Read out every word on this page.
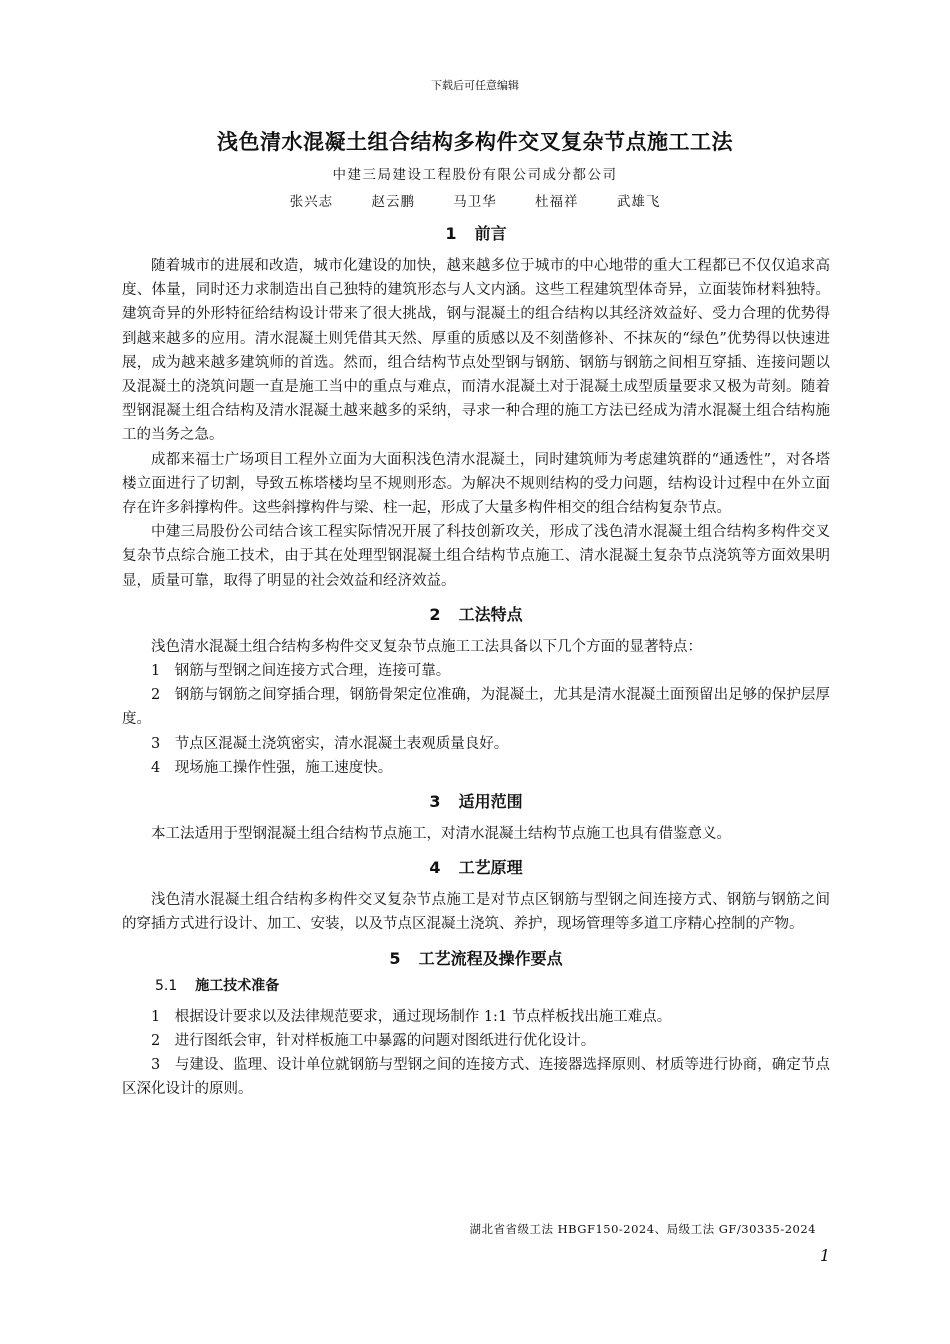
下载后可任意编辑
浅色清水混凝土组合结构多构件交叉复杂节点施工工法
中建三局建设工程股份有限公司成分都公司
张兴志	赵云鹏	马卫华	杜福祥	武雄飞
1 前言

随着城市的进展和改造，城市化建设的加快，越来越多位于城市的中心地带的重大工程都已不仅仅追求高度、体量，同时还力求制造出自己独特的建筑形态与人文内涵。这些工程建筑型体奇异，立面装饰材料独特。建筑奇异的外形特征给结构设计带来了很大挑战，钢与混凝土的组合结构以其经济效益好、受力合理的优势得到越来越多的应用。清水混凝土则凭借其天然、厚重的质感以及不刻凿修补、不抹灰的“绿色”优势得以快速进展，成为越来越多建筑师的首选。然而，组合结构节点处型钢与钢筋、钢筋与钢筋之间相互穿插、连接问题以及混凝土的浇筑问题一直是施工当中的重点与难点，而清水混凝土对于混凝土成型质量要求又极为苛刻。随着型钢混凝土组合结构及清水混凝土越来越多的采纳，寻求一种合理的施工方法已经成为清水混凝土组合结构施工的当务之急。

成都来福士广场项目工程外立面为大面积浅色清水混凝土，同时建筑师为考虑建筑群的“通透性”，对各塔楼立面进行了切割，导致五栋塔楼均呈不规则形态。为解决不规则结构的受力问题，结构设计过程中在外立面存在许多斜撑构件。这些斜撑构件与梁、柱一起，形成了大量多构件相交的组合结构复杂节点。

中建三局股份公司结合该工程实际情况开展了科技创新攻关，形成了浅色清水混凝土组合结构多构件交叉复杂节点综合施工技术，由于其在处理型钢混凝土组合结构节点施工、清水混凝土复杂节点浇筑等方面效果明显，质量可靠，取得了明显的社会效益和经济效益。

2 工法特点

浅色清水混凝土组合结构多构件交叉复杂节点施工工法具备以下几个方面的显著特点：

1　钢筋与型钢之间连接方式合理，连接可靠。

2　钢筋与钢筋之间穿插合理，钢筋骨架定位准确，为混凝土，尤其是清水混凝土面预留出足够的保护层厚度。

3　节点区混凝土浇筑密实，清水混凝土表观质量良好。

4　现场施工操作性强，施工速度快。

3 适用范围

本工法适用于型钢混凝土组合结构节点施工，对清水混凝土结构节点施工也具有借鉴意义。

4 工艺原理

浅色清水混凝土组合结构多构件交叉复杂节点施工是对节点区钢筋与型钢之间连接方式、钢筋与钢筋之间的穿插方式进行设计、加工、安装，以及节点区混凝土浇筑、养护，现场管理等多道工序精心控制的产物。

5 工艺流程及操作要点
5.1 施工技术准备

1　根据设计要求以及法律规范要求，通过现场制作 1:1 节点样板找出施工难点。

2　进行图纸会审，针对样板施工中暴露的问题对图纸进行优化设计。

3　与建设、监理、设计单位就钢筋与型钢之间的连接方式、连接器选择原则、材质等进行协商，确定节点区深化设计的原则。

湖北省省级工法 HBGF150-2024、局级工法 GF/30335-2024
1
